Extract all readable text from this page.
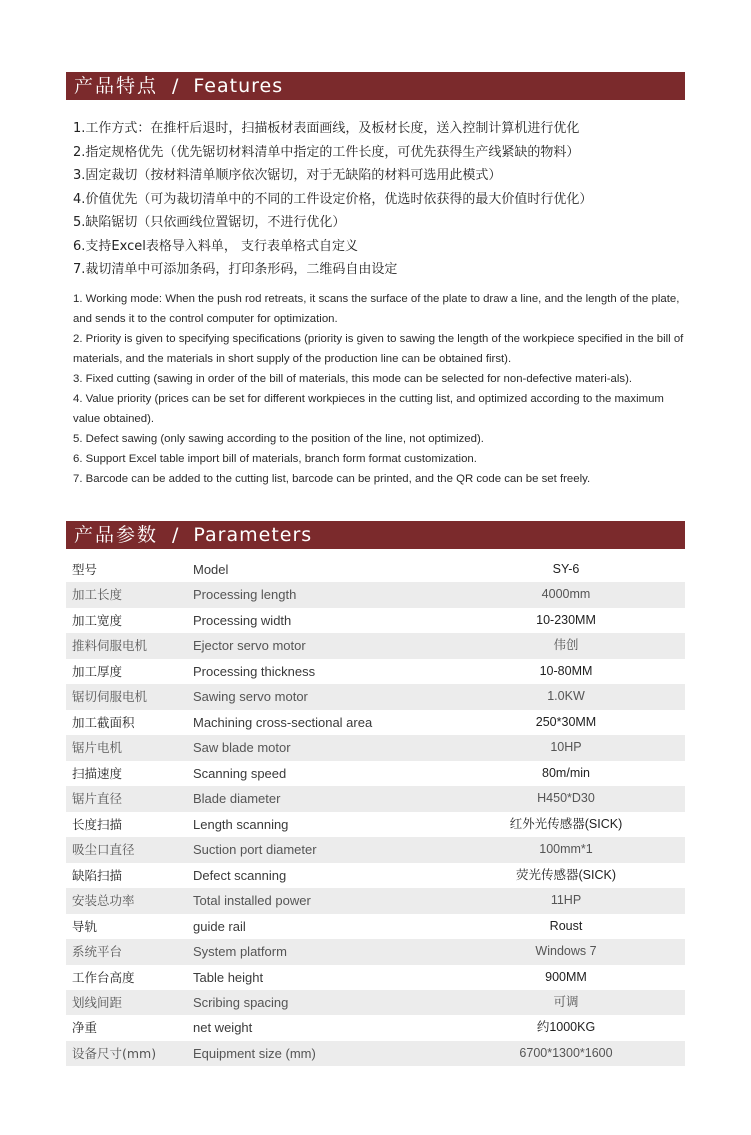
产品特点 / Features
1.工作方式：在推杆后退时，扫描板材表面画线，及板材长度，送入控制计算机进行优化
2.指定规格优先（优先锯切材料清单中指定的工件长度，可优先获得生产线紧缺的物料）
3.固定裁切（按材料清单顺序依次锯切，对于无缺陷的材料可选用此模式）
4.价值优先（可为裁切清单中的不同的工件设定价格，优选时依获得的最大价值时行优化）
5.缺陷锯切（只依画线位置锯切，不进行优化）
6.支持Excel表格导入料单， 支行表单格式自定义
7.裁切清单中可添加条码，打印条形码，二维码自由设定
1. Working mode: When the push rod retreats, it scans the surface of the plate to draw a line, and the length of the plate, and sends it to the control computer for optimization.
2. Priority is given to specifying specifications (priority is given to sawing the length of the workpiece specified in the bill of materials, and the materials in short supply of the production line can be obtained first).
3. Fixed cutting (sawing in order of the bill of materials, this mode can be selected for non-defective materi-als).
4. Value priority (prices can be set for different workpieces in the cutting list, and optimized according to the maximum value obtained).
5. Defect sawing (only sawing according to the position of the line, not optimized).
6. Support Excel table import bill of materials, branch form format customization.
7. Barcode can be added to the cutting list, barcode can be printed, and the QR code can be set freely.
产品参数 / Parameters
型号	Model	SY-6
加工长度	Processing length	4000mm
加工宽度	Processing width	10-230MM
推料伺服电机	Ejector servo motor	伟创
加工厚度	Processing thickness	10-80MM
锯切伺服电机	Sawing servo motor	1.0KW
加工截面积	Machining cross-sectional area	250*30MM
锯片电机	Saw blade motor	10HP
扫描速度	Scanning speed	80m/min
锯片直径	Blade diameter	H450*D30
长度扫描	Length scanning	红外光传感器(SICK)
吸尘口直径	Suction port diameter	100mm*1
缺陷扫描	Defect scanning	荧光传感器(SICK)
安装总功率	Total installed power	11HP
导轨	guide rail	Roust
系统平台	System platform	Windows 7
工作台高度	Table height	900MM
划线间距	Scribing spacing	可调
净重	net weight	约1000KG
设备尺寸(mm)	Equipment size (mm)	6700*1300*1600
